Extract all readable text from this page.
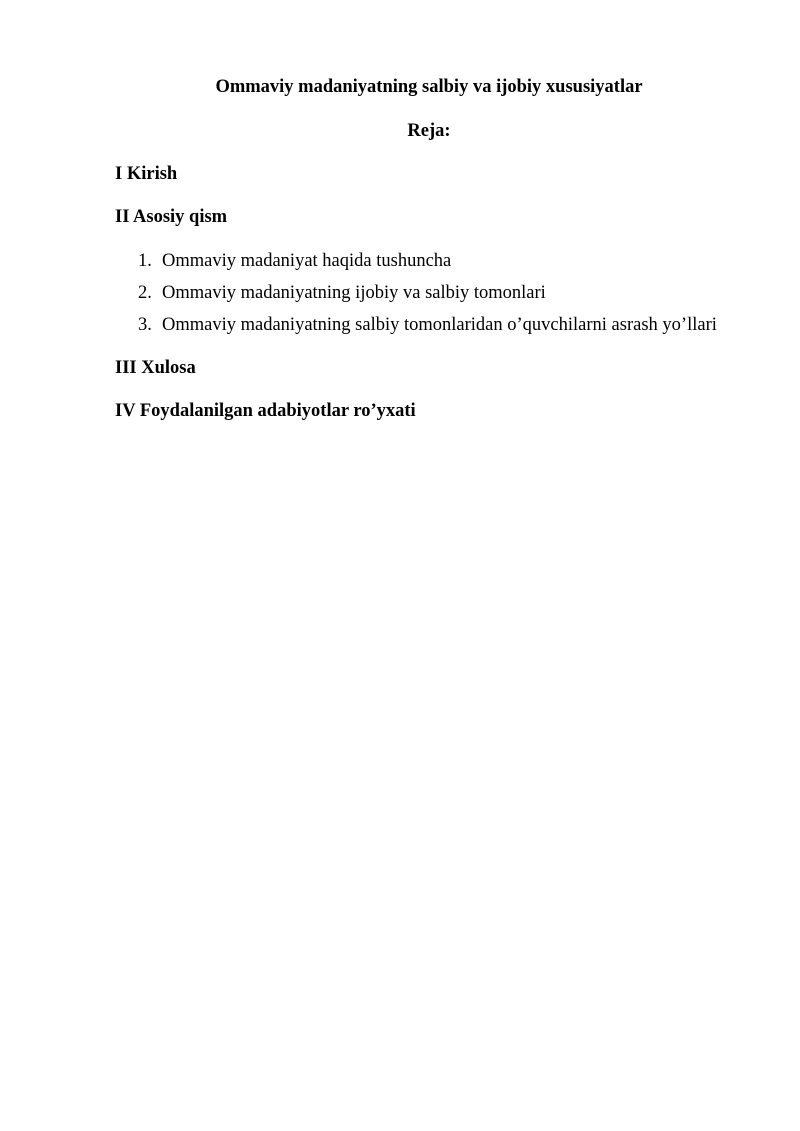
Ommaviy madaniyatning salbiy va ijobiy xususiyatlar
Reja:
I Kirish
II Asosiy qism
1. Ommaviy madaniyat haqida tushuncha
2. Ommaviy madaniyatning ijobiy va salbiy tomonlari
3. Ommaviy madaniyatning salbiy tomonlaridan o’quvchilarni asrash yo’llari
III Xulosa
IV Foydalanilgan adabiyotlar ro’yxati
